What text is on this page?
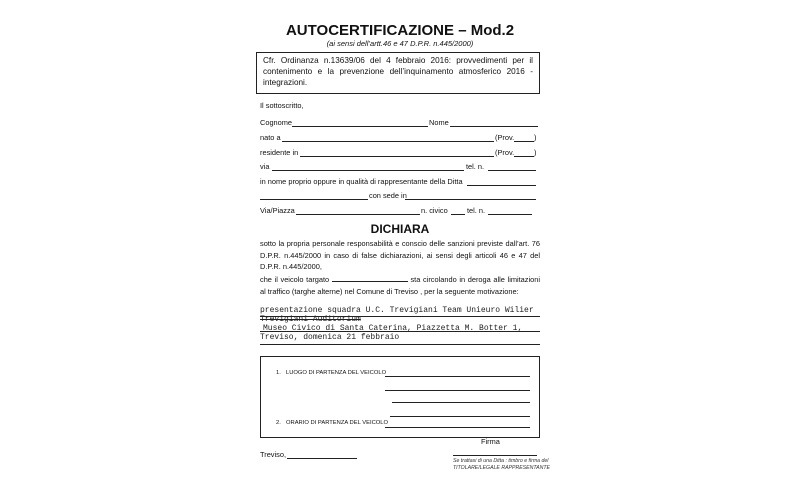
AUTOCERTIFICAZIONE – Mod.2
(ai sensi dell’artt.46 e 47 D.P.R. n.445/2000)

Cfr. Ordinanza n.13639/06 del 4 febbraio 2016: provvedimenti per il contenimento e la prevenzione dell’inquinamento atmosferico 2016 - integrazioni.

Il sottoscritto,
Cognome	Nome
nato a	(Prov.	)
residente in	(Prov.	)
via	tel. n.
in nome proprio oppure in qualità di rappresentante della Ditta
con sede in
Via/Piazza	n. civico	tel. n.
DICHIARA
sotto la propria personale responsabilità e conscio delle sanzioni previste dall’art. 76 D.P.R. n.445/2000 in caso di false dichiarazioni, ai sensi degli articoli 46 e 47 del D.P.R. n.445/2000,
che il veicolo targato	sta circolando in deroga alle limitazioni al traffico (targhe alterne) nel Comune di Treviso , per la seguente motivazione:
presentazione squadra U.C. Trevigiani Team Unieuro Wilier
Trevigiani Auditorium
Museo Civico di Santa Caterina, Piazzetta M. Botter 1,
Treviso, domenica 21 febbraio
1. LUOGO DI PARTENZA DEL VEICOLO
2. ORARIO DI PARTENZA DEL VEICOLO
Firma
Treviso,
Se trattasi di una Ditta : timbro e firma del
TITOLARE/LEGALE RAPPRESENTANTE
